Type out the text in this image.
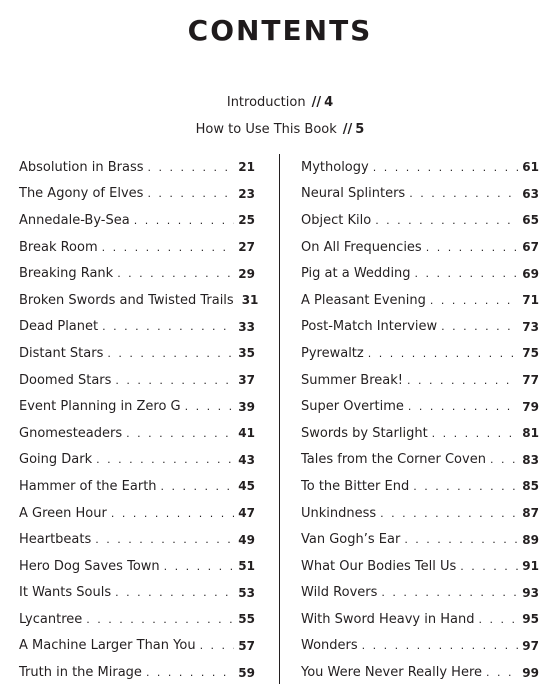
CONTENTS
Introduction // 4
How to Use This Book // 5
Absolution in Brass . . .	21
The Agony of Elves . . .	23
Annedale-By-Sea . . .	25
Break Room . . .	27
Breaking Rank . . .	29
Broken Swords and Twisted Trails 31
Dead Planet . . .	33
Distant Stars . . .	35
Doomed Stars . . .	37
Event Planning in Zero G . . .	39
Gnomesteaders . . .	41
Going Dark . . .	43
Hammer of the Earth . . .	45
A Green Hour . . .	47
Heartbeats . . .	49
Hero Dog Saves Town . . .	51
It Wants Souls . . .	53
Lycantree . . .	55
A Machine Larger Than You . . .	57
Truth in the Mirage . . .	59
Mythology . . .	61
Neural Splinters . . .	63
Object Kilo . . .	65
On All Frequencies . . .	67
Pig at a Wedding . . .	69
A Pleasant Evening . . .	71
Post-Match Interview . . .	73
Pyrewaltz . . .	75
Summer Break! . . .	77
Super Overtime . . .	79
Swords by Starlight . . .	81
Tales from the Corner Coven . . .	83
To the Bitter End . . .	85
Unkindness . . .	87
Van Gogh’s Ear . . .	89
What Our Bodies Tell Us . . .	91
Wild Rovers . . .	93
With Sword Heavy in Hand . . .	95
Wonders . . .	97
You Were Never Really Here . . .	99
